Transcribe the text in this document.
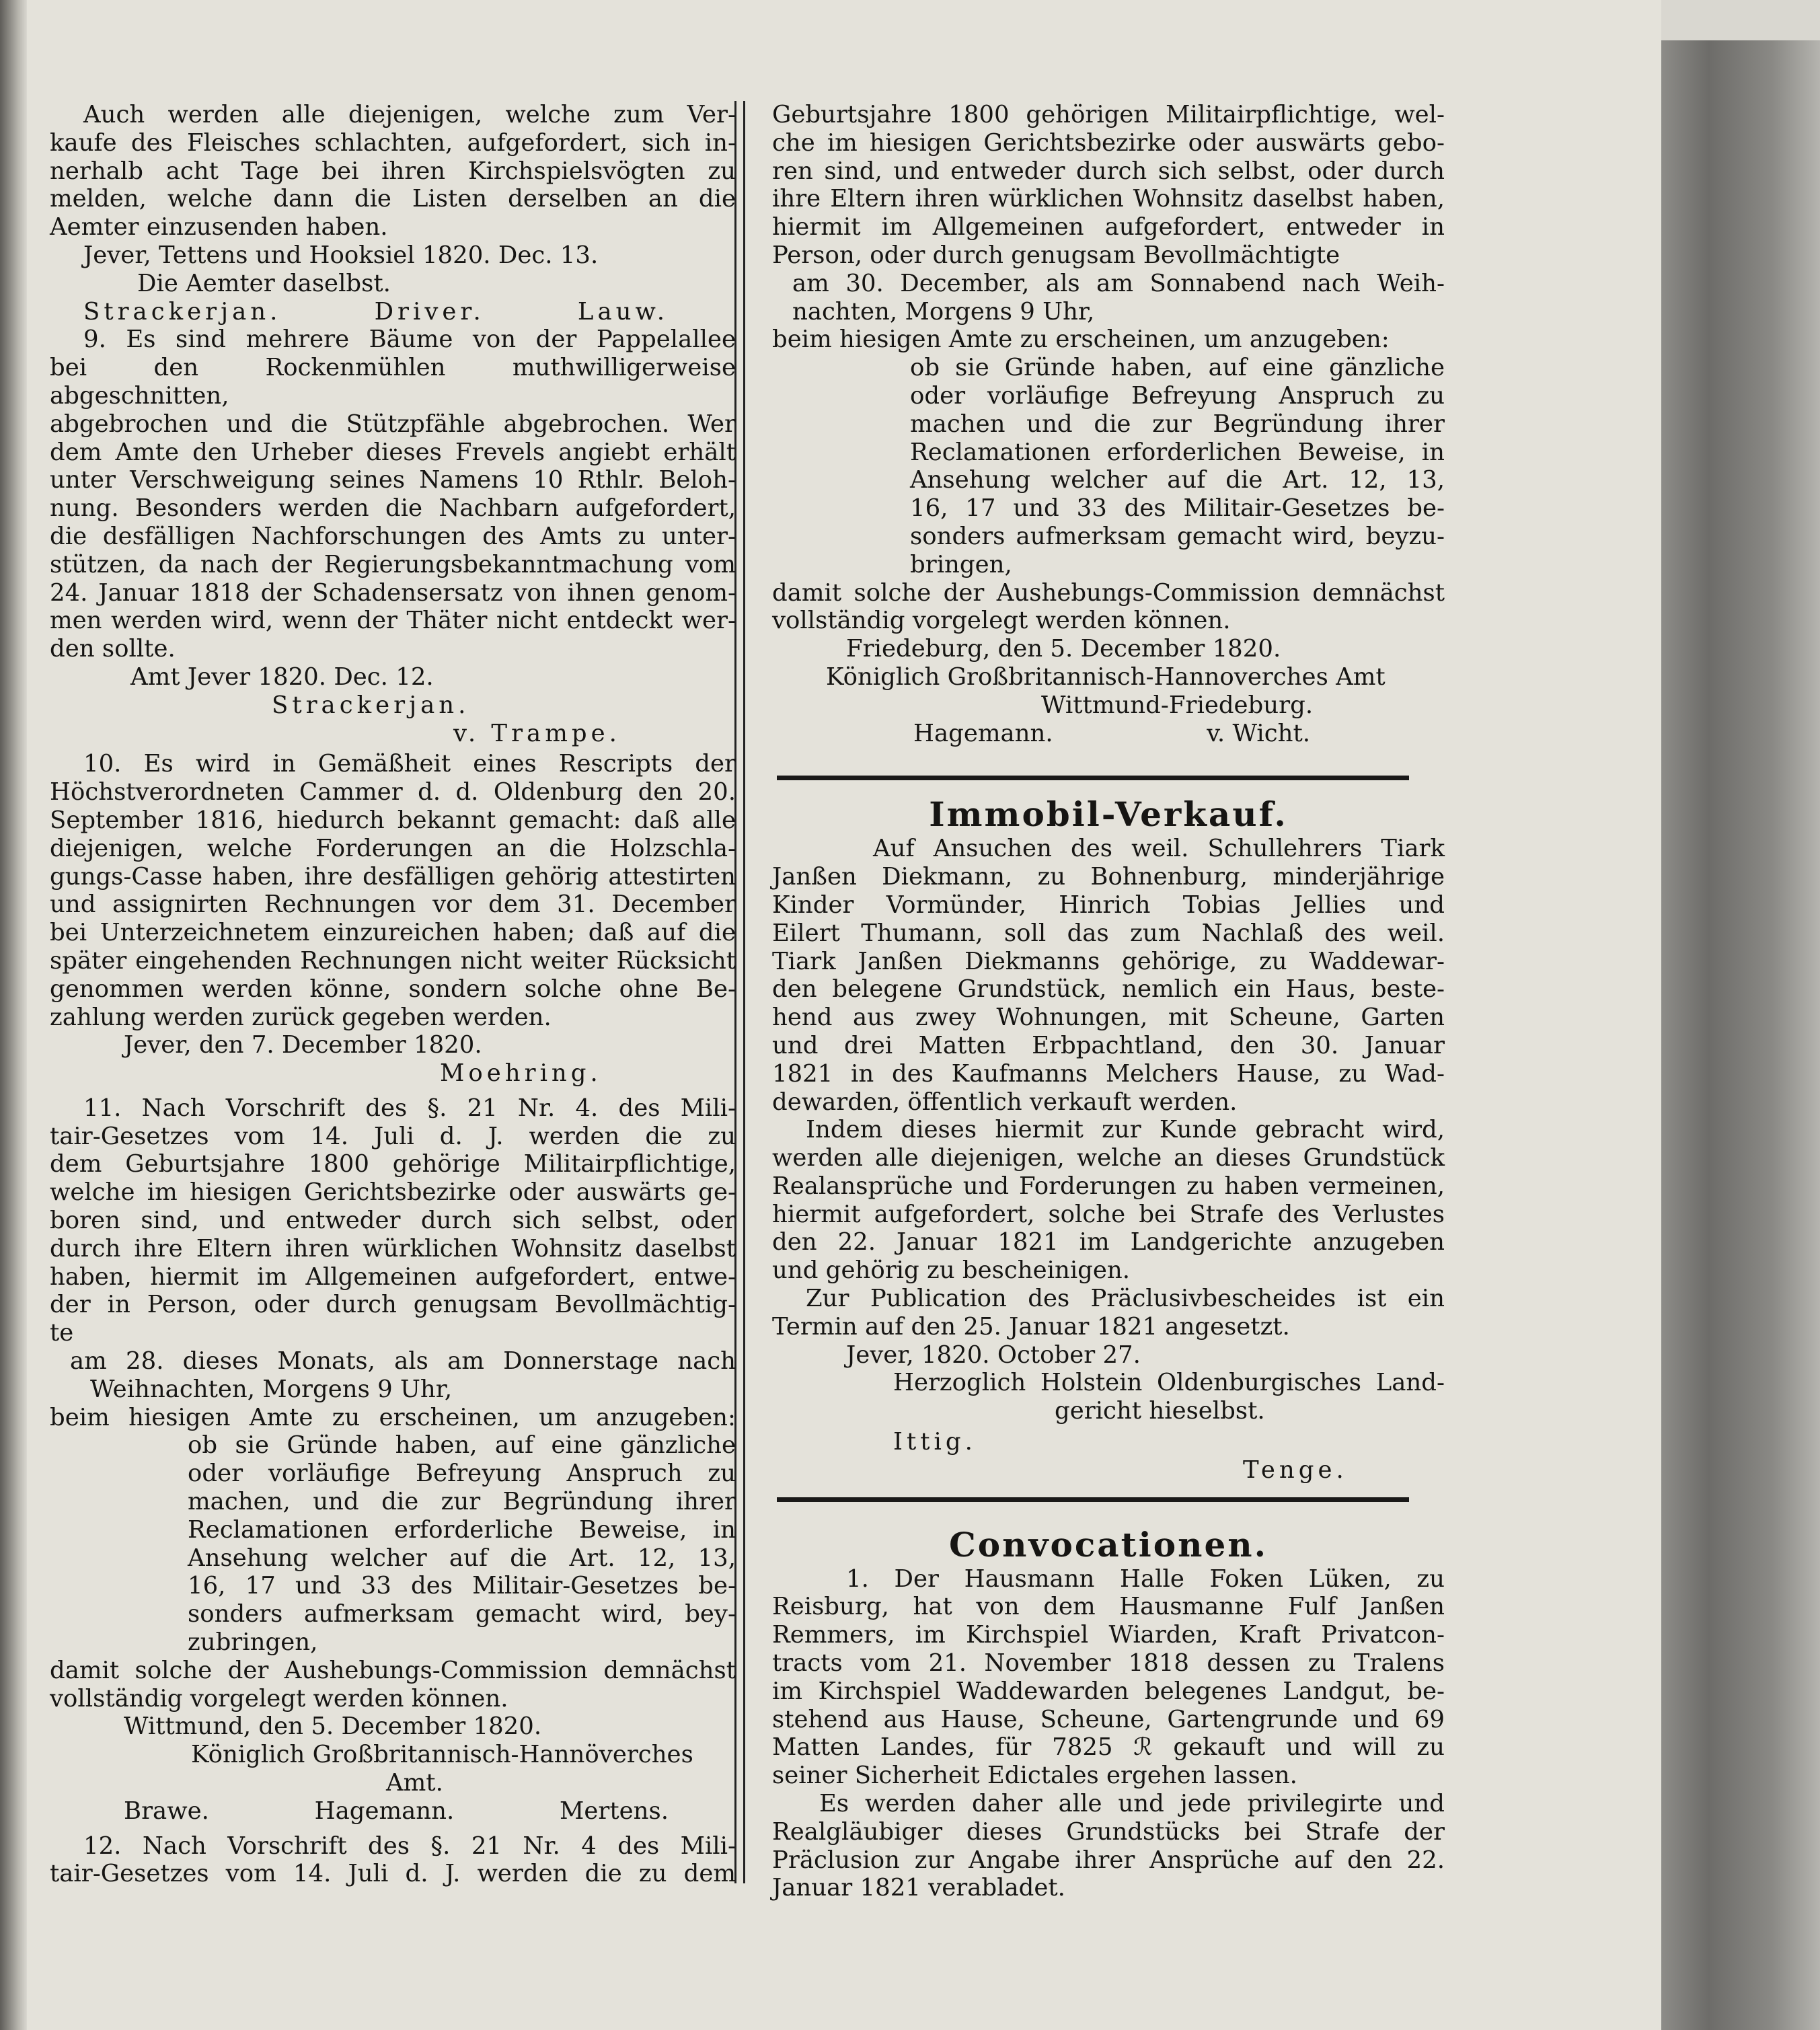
Auch werden alle diejenigen, welche zum Ver-

kaufe des Fleisches schlachten, aufgefordert, sich in-

nerhalb acht Tage bei ihren Kirchspielsvögten zu

melden, welche dann die Listen derselben an die

Aemter einzusenden haben.

Jever, Tettens und Hooksiel 1820. Dec. 13.

Die Aemter daselbst.

Strackerjan.	Driver.	Lauw.

9. Es sind mehrere Bäume von der Pappelallee

bei den Rockenmühlen muthwilligerweise abgeschnitten,

abgebrochen und die Stützpfähle abgebrochen. Wer

dem Amte den Urheber dieses Frevels angiebt erhält

unter Verschweigung seines Namens 10 Rthlr. Beloh-

nung. Besonders werden die Nachbarn aufgefordert,

die desfälligen Nachforschungen des Amts zu unter-

stützen, da nach der Regierungsbekanntmachung vom

24. Januar 1818 der Schadensersatz von ihnen genom-

men werden wird, wenn der Thäter nicht entdeckt wer-

den sollte.

Amt Jever 1820. Dec. 12.

Strackerjan.

v. Trampe.

10. Es wird in Gemäßheit eines Rescripts der

Höchstverordneten Cammer d. d. Oldenburg den 20.

September 1816, hiedurch bekannt gemacht: daß alle

diejenigen, welche Forderungen an die Holzschla-

gungs-Casse haben, ihre desfälligen gehörig attestirten

und assignirten Rechnungen vor dem 31. December

bei Unterzeichnetem einzureichen haben; daß auf die

später eingehenden Rechnungen nicht weiter Rücksicht

genommen werden könne, sondern solche ohne Be-

zahlung werden zurück gegeben werden.

Jever, den 7. December 1820.

Moehring.

11. Nach Vorschrift des §. 21 Nr. 4. des Mili-

tair-Gesetzes vom 14. Juli d. J. werden die zu

dem Geburtsjahre 1800 gehörige Militairpflichtige,

welche im hiesigen Gerichtsbezirke oder auswärts ge-

boren sind, und entweder durch sich selbst, oder

durch ihre Eltern ihren würklichen Wohnsitz daselbst

haben, hiermit im Allgemeinen aufgefordert, entwe-

der in Person, oder durch genugsam Bevollmächtig-

te

am 28. dieses Monats, als am Donnerstage nach

Weihnachten, Morgens 9 Uhr,

beim hiesigen Amte zu erscheinen, um anzugeben:

ob sie Gründe haben, auf eine gänzliche

oder vorläufige Befreyung Anspruch zu

machen, und die zur Begründung ihrer

Reclamationen erforderliche Beweise, in

Ansehung welcher auf die Art. 12, 13,

16, 17 und 33 des Militair-Gesetzes be-

sonders aufmerksam gemacht wird, bey-

zubringen,

damit solche der Aushebungs-Commission demnächst

vollständig vorgelegt werden können.

Wittmund, den 5. December 1820.

Königlich Großbritannisch-Hannöverches

Amt.

Brawe.	Hagemann.	Mertens.

12. Nach Vorschrift des §. 21 Nr. 4 des Mili-

tair-Gesetzes vom 14. Juli d. J. werden die zu dem

Geburtsjahre 1800 gehörigen Militairpflichtige, wel-

che im hiesigen Gerichtsbezirke oder auswärts gebo-

ren sind, und entweder durch sich selbst, oder durch

ihre Eltern ihren würklichen Wohnsitz daselbst haben,

hiermit im Allgemeinen aufgefordert, entweder in

Person, oder durch genugsam Bevollmächtigte

am 30. December, als am Sonnabend nach Weih-

nachten, Morgens 9 Uhr,

beim hiesigen Amte zu erscheinen, um anzugeben:

ob sie Gründe haben, auf eine gänzliche

oder vorläufige Befreyung Anspruch zu

machen und die zur Begründung ihrer

Reclamationen erforderlichen Beweise, in

Ansehung welcher auf die Art. 12, 13,

16, 17 und 33 des Militair-Gesetzes be-

sonders aufmerksam gemacht wird, beyzu-

bringen,

damit solche der Aushebungs-Commission demnächst

vollständig vorgelegt werden können.

Friedeburg, den 5. December 1820.

Königlich Großbritannisch-Hannoverches Amt

Wittmund-Friedeburg.

Hagemann.	v. Wicht.

Immobil-Verkauf.

Auf Ansuchen des weil. Schullehrers Tiark

Janßen Diekmann, zu Bohnenburg, minderjährige

Kinder Vormünder, Hinrich Tobias Jellies und

Eilert Thumann, soll das zum Nachlaß des weil.

Tiark Janßen Diekmanns gehörige, zu Waddewar-

den belegene Grundstück, nemlich ein Haus, beste-

hend aus zwey Wohnungen, mit Scheune, Garten

und drei Matten Erbpachtland, den 30. Januar

1821 in des Kaufmanns Melchers Hause, zu Wad-

dewarden, öffentlich verkauft werden.

Indem dieses hiermit zur Kunde gebracht wird,

werden alle diejenigen, welche an dieses Grundstück

Realansprüche und Forderungen zu haben vermeinen,

hiermit aufgefordert, solche bei Strafe des Verlustes

den 22. Januar 1821 im Landgerichte anzugeben

und gehörig zu bescheinigen.

Zur Publication des Präclusivbescheides ist ein

Termin auf den 25. Januar 1821 angesetzt.

Jever, 1820. October 27.

Herzoglich Holstein Oldenburgisches Land-

gericht hieselbst.

Ittig.

Tenge.

Convocationen.

1. Der Hausmann Halle Foken Lüken, zu

Reisburg, hat von dem Hausmanne Fulf Janßen

Remmers, im Kirchspiel Wiarden, Kraft Privatcon-

tracts vom 21. November 1818 dessen zu Tralens

im Kirchspiel Waddewarden belegenes Landgut, be-

stehend aus Hause, Scheune, Gartengrunde und 69

Matten Landes, für 7825 ℛ gekauft und will zu

seiner Sicherheit Edictales ergehen lassen.

Es werden daher alle und jede privilegirte und

Realgläubiger dieses Grundstücks bei Strafe der

Präclusion zur Angabe ihrer Ansprüche auf den 22.

Januar 1821 verabladet.
